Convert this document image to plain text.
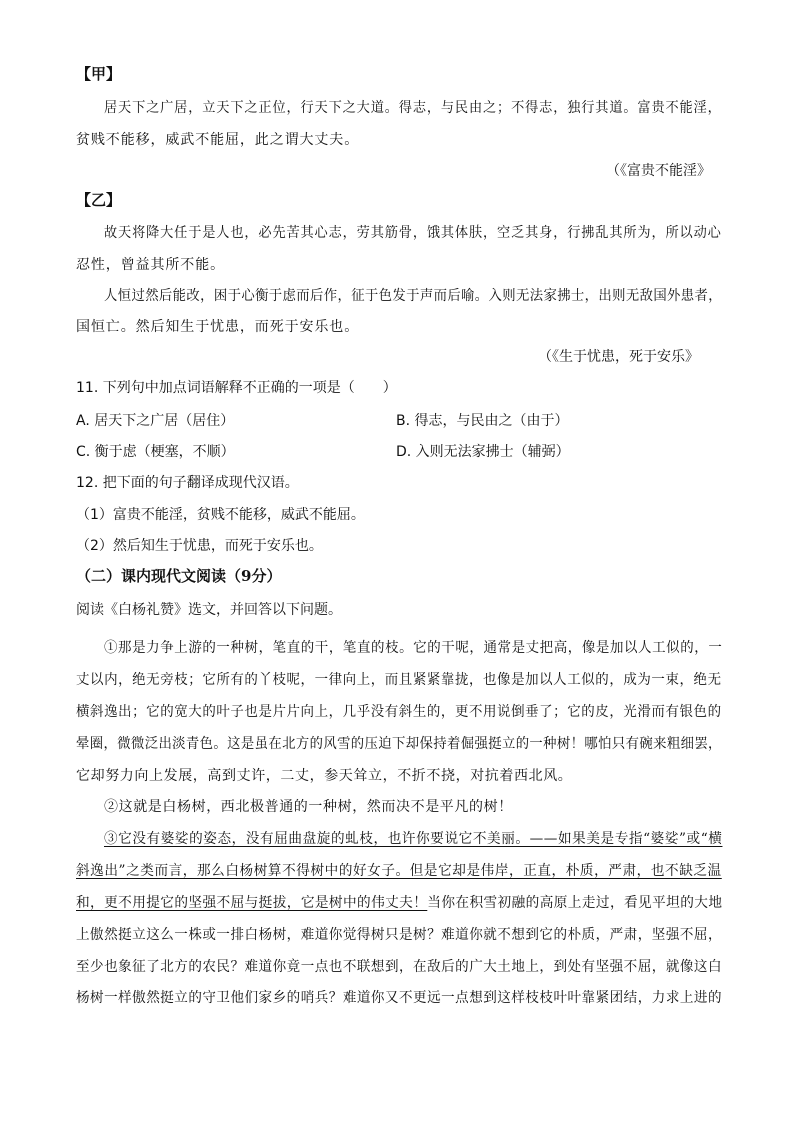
【甲】
居天下之广居，立天下之正位，行天下之大道。得志，与民由之；不得志，独行其道。富贵不能淫，
贫贱不能移，威武不能屈，此之谓大丈夫。
（《富贵不能淫》
【乙】
故天将降大任于是人也，必先苦其心志，劳其筋骨，饿其体肤，空乏其身，行拂乱其所为，所以动心
忍性，曾益其所不能。
人恒过然后能改，困于心衡于虑而后作，征于色发于声而后喻。入则无法家拂士，出则无敌国外患者，
国恒亡。然后知生于忧患，而死于安乐也。
（《生于忧患，死于安乐》
11. 下列句中加点词语解释不正确的一项是（　　）
A. 居天下之广居（居住）	B. 得志，与民由之（由于）
C. 衡于虑（梗塞，不顺）	D. 入则无法家拂士（辅弼）
12. 把下面的句子翻译成现代汉语。
（1）富贵不能淫，贫贱不能移，威武不能屈。
（2）然后知生于忧患，而死于安乐也。
（二）课内现代文阅读（9分）
阅读《白杨礼赞》选文，并回答以下问题。
①那是力争上游的一种树，笔直的干，笔直的枝。它的干呢，通常是丈把高，像是加以人工似的，一
丈以内，绝无旁枝；它所有的丫枝呢，一律向上，而且紧紧靠拢，也像是加以人工似的，成为一束，绝无
横斜逸出；它的宽大的叶子也是片片向上，几乎没有斜生的，更不用说倒垂了；它的皮，光滑而有银色的
晕圈，微微泛出淡青色。这是虽在北方的风雪的压迫下却保持着倔强挺立的一种树！哪怕只有碗来粗细罢，
它却努力向上发展，高到丈许，二丈，参天耸立，不折不挠，对抗着西北风。
②这就是白杨树，西北极普通的一种树，然而决不是平凡的树！
③它没有婆娑的姿态，没有屈曲盘旋的虬枝，也许你要说它不美丽。——如果美是专指“婆娑”或“横
斜逸出”之类而言，那么白杨树算不得树中的好女子。但是它却是伟岸，正直，朴质，严肃，也不缺乏温
和，更不用提它的坚强不屈与挺拔，它是树中的伟丈夫！当你在积雪初融的高原上走过，看见平坦的大地
上傲然挺立这么一株或一排白杨树，难道你觉得树只是树？难道你就不想到它的朴质，严肃，坚强不屈，
至少也象征了北方的农民？难道你竟一点也不联想到，在敌后的广大土地上，到处有坚强不屈，就像这白
杨树一样傲然挺立的守卫他们家乡的哨兵？难道你又不更远一点想到这样枝枝叶叶靠紧团结，力求上进的
